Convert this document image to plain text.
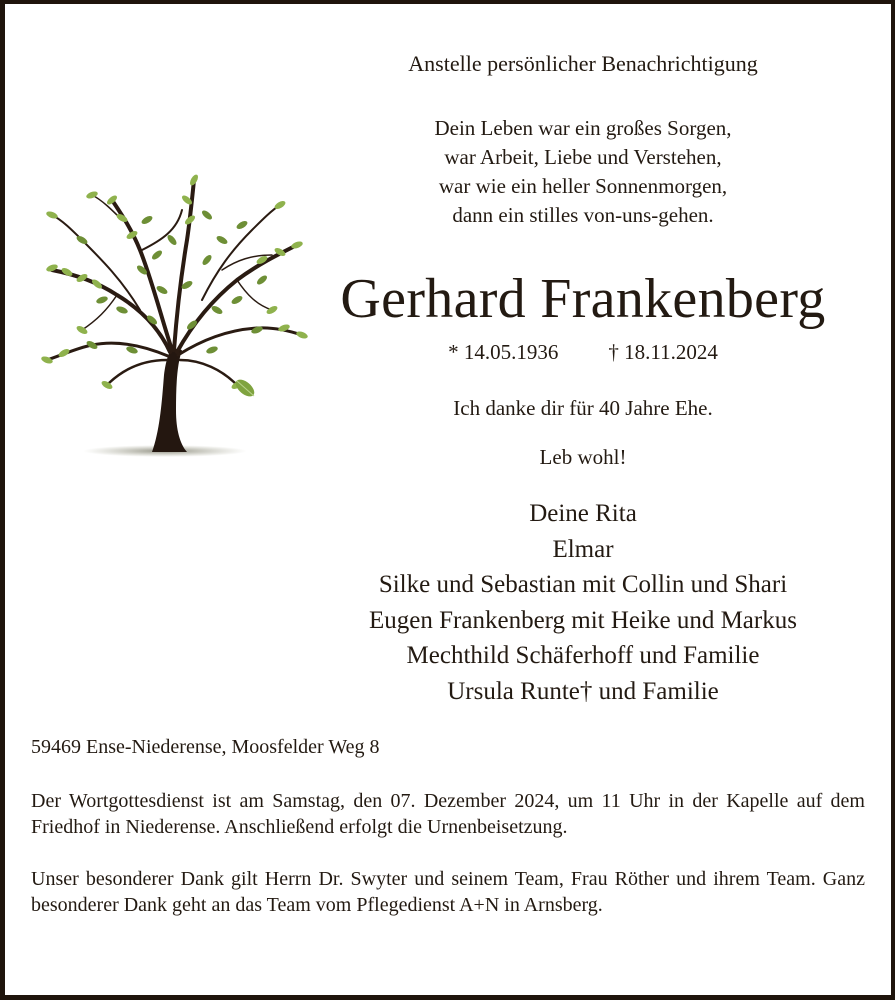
Anstelle persönlicher Benachrichtigung
Dein Leben war ein großes Sorgen,
war Arbeit, Liebe und Verstehen,
war wie ein heller Sonnenmorgen,
dann ein stilles von-uns-gehen.
Gerhard Frankenberg
* 14.05.1936 † 18.11.2024
Ich danke dir für 40 Jahre Ehe.
Leb wohl!
Deine Rita
Elmar
Silke und Sebastian mit Collin und Shari
Eugen Frankenberg mit Heike und Markus
Mechthild Schäferhoff und Familie
Ursula Runte† und Familie
59469 Ense-Niederense, Moosfelder Weg 8
Der Wortgottesdienst ist am Samstag, den 07. Dezember 2024, um 11 Uhr in der Kapelle auf dem Friedhof in Niederense. Anschließend erfolgt die Urnenbeisetzung.
Unser besonderer Dank gilt Herrn Dr. Swyter und seinem Team, Frau Röther und ihrem Team. Ganz besonderer Dank geht an das Team vom Pflegedienst A+N in Arnsberg.
